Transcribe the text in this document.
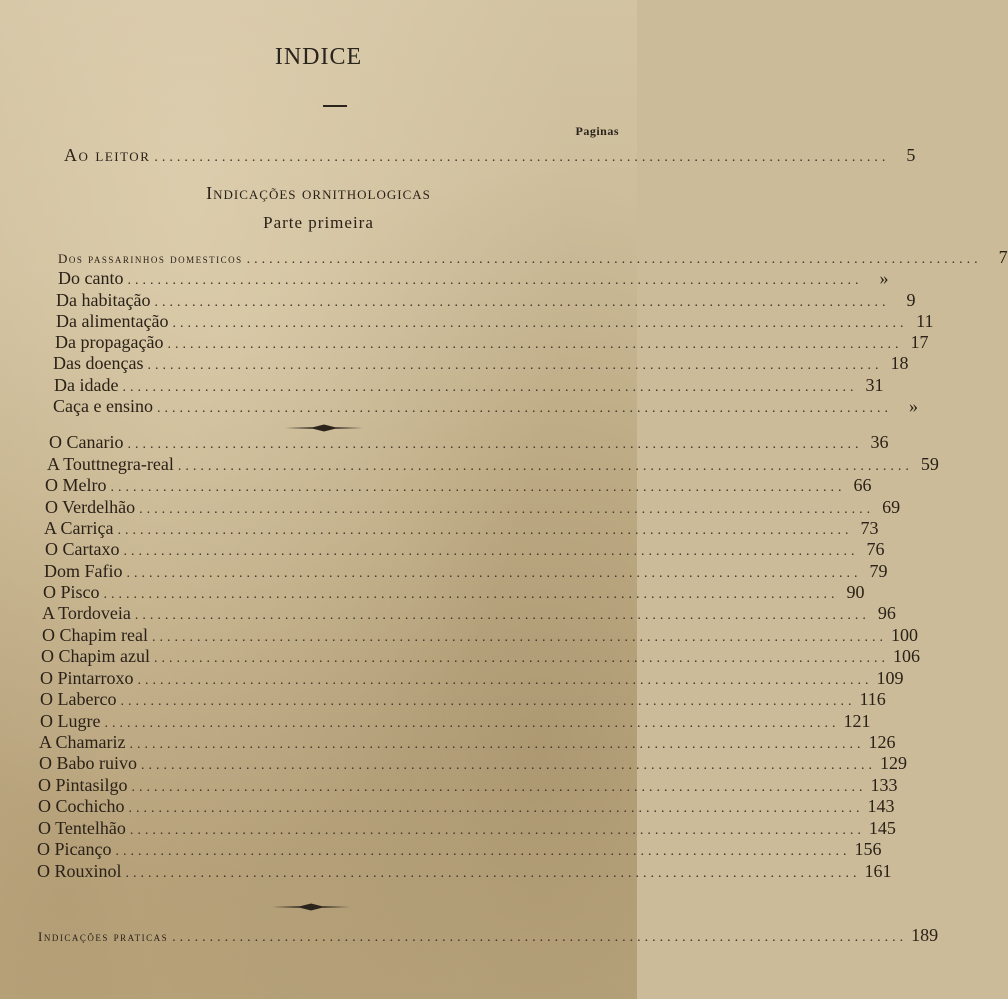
INDICE
Paginas
Ao leitor .................................................................................................. 5
Indicações ornithologicas
Parte primeira
Dos passarinhos domesticos .................................................................................................. 7
Do canto .................................................................................................. »
Da habitação .................................................................................................. 9
Da alimentação .................................................................................................. 11
Da propagação .................................................................................................. 17
Das doenças .................................................................................................. 18
Da idade .................................................................................................. 31
Caça e ensino .................................................................................................. »
O Canario .................................................................................................. 36
A Touttnegra-real .................................................................................................. 59
O Melro .................................................................................................. 66
O Verdelhão .................................................................................................. 69
A Carriça .................................................................................................. 73
O Cartaxo .................................................................................................. 76
Dom Fafio .................................................................................................. 79
O Pisco .................................................................................................. 90
A Tordoveia .................................................................................................. 96
O Chapim real .................................................................................................. 100
O Chapim azul .................................................................................................. 106
O Pintarroxo .................................................................................................. 109
O Laberco .................................................................................................. 116
O Lugre .................................................................................................. 121
A Chamariz .................................................................................................. 126
O Babo ruivo .................................................................................................. 129
O Pintasilgo .................................................................................................. 133
O Cochicho .................................................................................................. 143
O Tentelhão .................................................................................................. 145
O Picanço .................................................................................................. 156
O Rouxinol .................................................................................................. 161
Indicações praticas .................................................................................................. 189
